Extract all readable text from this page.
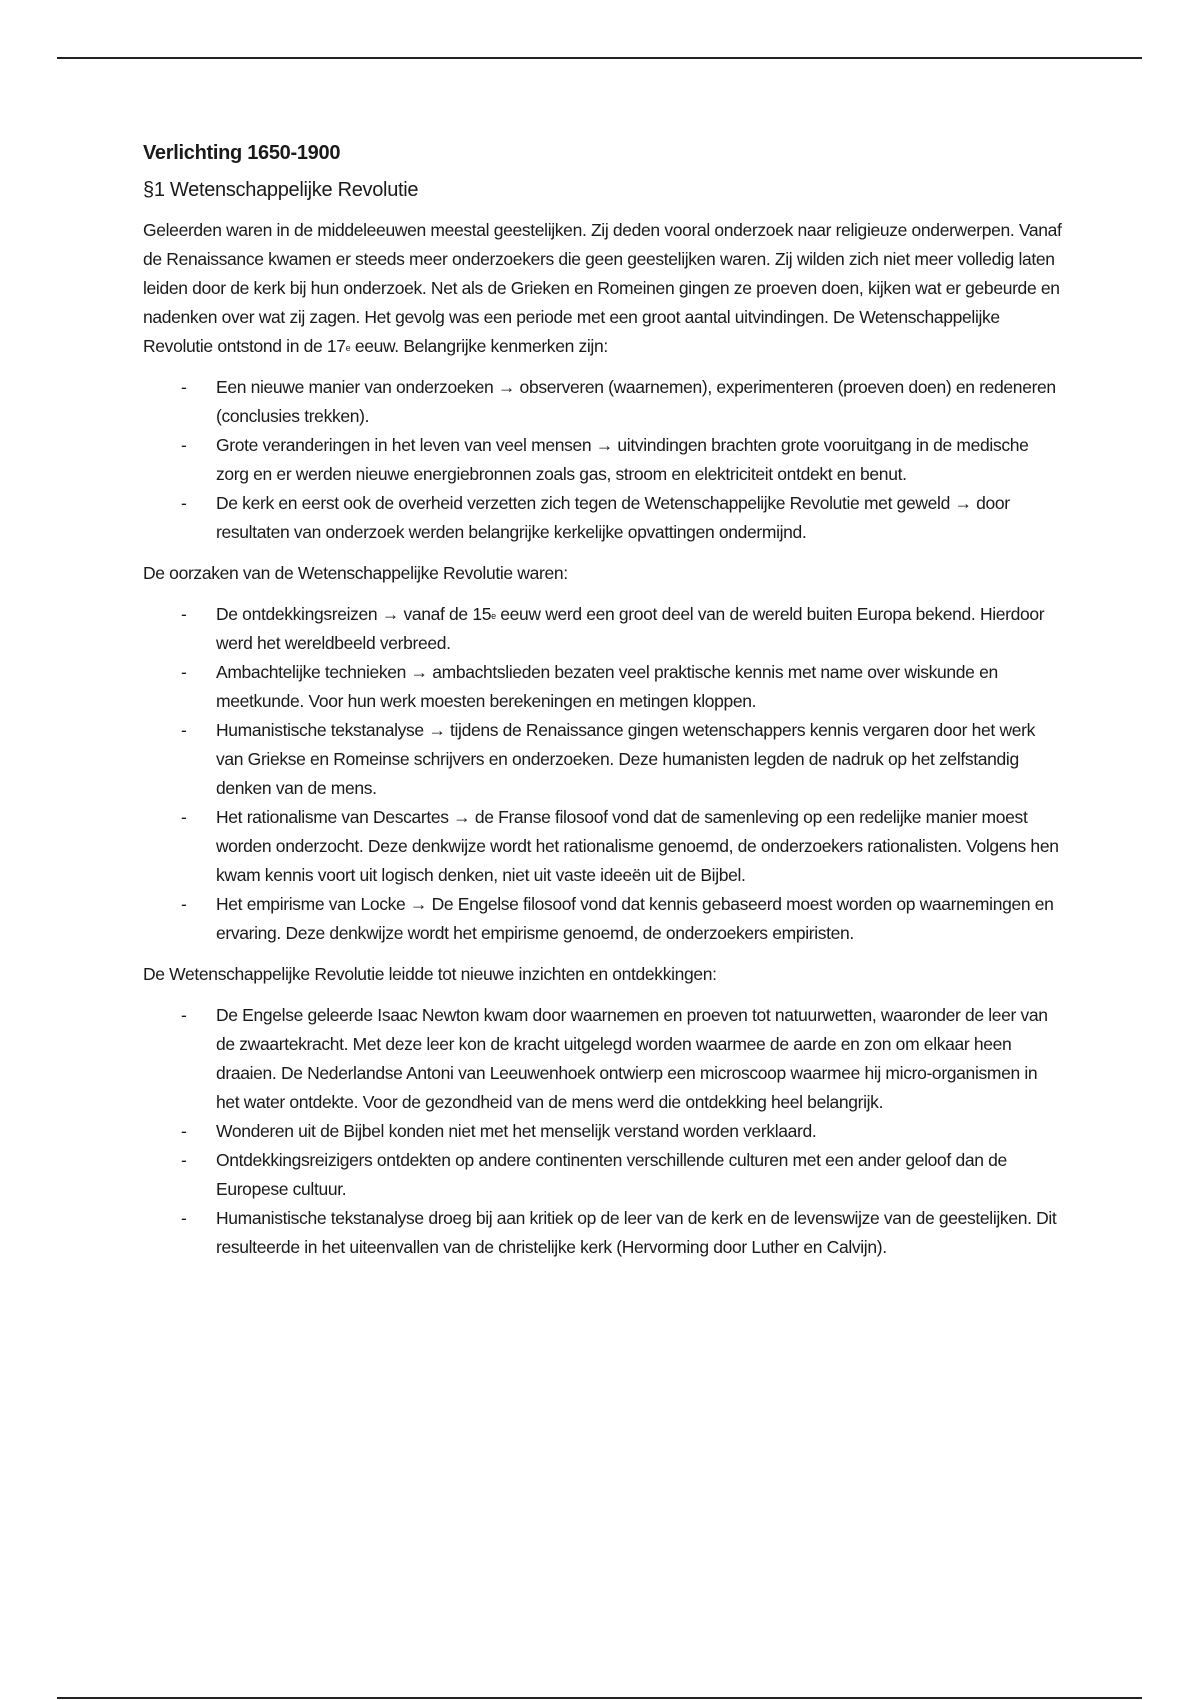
Verlichting 1650-1900
§1 Wetenschappelijke Revolutie

Geleerden waren in de middeleeuwen meestal geestelijken. Zij deden vooral onderzoek naar religieuze onderwerpen. Vanaf de Renaissance kwamen er steeds meer onderzoekers die geen geestelijken waren. Zij wilden zich niet meer volledig laten leiden door de kerk bij hun onderzoek. Net als de Grieken en Romeinen gingen ze proeven doen, kijken wat er gebeurde en nadenken over wat zij zagen. Het gevolg was een periode met een groot aantal uitvindingen. De Wetenschappelijke Revolutie ontstond in de 17e eeuw. Belangrijke kenmerken zijn:

- Een nieuwe manier van onderzoeken → observeren (waarnemen), experimenteren (proeven doen) en redeneren (conclusies trekken).
- Grote veranderingen in het leven van veel mensen → uitvindingen brachten grote vooruitgang in de medische zorg en er werden nieuwe energiebronnen zoals gas, stroom en elektriciteit ontdekt en benut.
- De kerk en eerst ook de overheid verzetten zich tegen de Wetenschappelijke Revolutie met geweld → door resultaten van onderzoek werden belangrijke kerkelijke opvattingen ondermijnd.

De oorzaken van de Wetenschappelijke Revolutie waren:

- De ontdekkingsreizen → vanaf de 15e eeuw werd een groot deel van de wereld buiten Europa bekend. Hierdoor werd het wereldbeeld verbreed.
- Ambachtelijke technieken → ambachtslieden bezaten veel praktische kennis met name over wiskunde en meetkunde. Voor hun werk moesten berekeningen en metingen kloppen.
- Humanistische tekstanalyse → tijdens de Renaissance gingen wetenschappers kennis vergaren door het werk van Griekse en Romeinse schrijvers en onderzoeken. Deze humanisten legden de nadruk op het zelfstandig denken van de mens.
- Het rationalisme van Descartes → de Franse filosoof vond dat de samenleving op een redelijke manier moest worden onderzocht. Deze denkwijze wordt het rationalisme genoemd, de onderzoekers rationalisten. Volgens hen kwam kennis voort uit logisch denken, niet uit vaste ideeën uit de Bijbel.
- Het empirisme van Locke → De Engelse filosoof vond dat kennis gebaseerd moest worden op waarnemingen en ervaring. Deze denkwijze wordt het empirisme genoemd, de onderzoekers empiristen.

De Wetenschappelijke Revolutie leidde tot nieuwe inzichten en ontdekkingen:

- De Engelse geleerde Isaac Newton kwam door waarnemen en proeven tot natuurwetten, waaronder de leer van de zwaartekracht. Met deze leer kon de kracht uitgelegd worden waarmee de aarde en zon om elkaar heen draaien. De Nederlandse Antoni van Leeuwenhoek ontwierp een microscoop waarmee hij micro-organismen in het water ontdekte. Voor de gezondheid van de mens werd die ontdekking heel belangrijk.
- Wonderen uit de Bijbel konden niet met het menselijk verstand worden verklaard.
- Ontdekkingsreizigers ontdekten op andere continenten verschillende culturen met een ander geloof dan de Europese cultuur.
- Humanistische tekstanalyse droeg bij aan kritiek op de leer van de kerk en de levenswijze van de geestelijken. Dit resulteerde in het uiteenvallen van de christelijke kerk (Hervorming door Luther en Calvijn).
